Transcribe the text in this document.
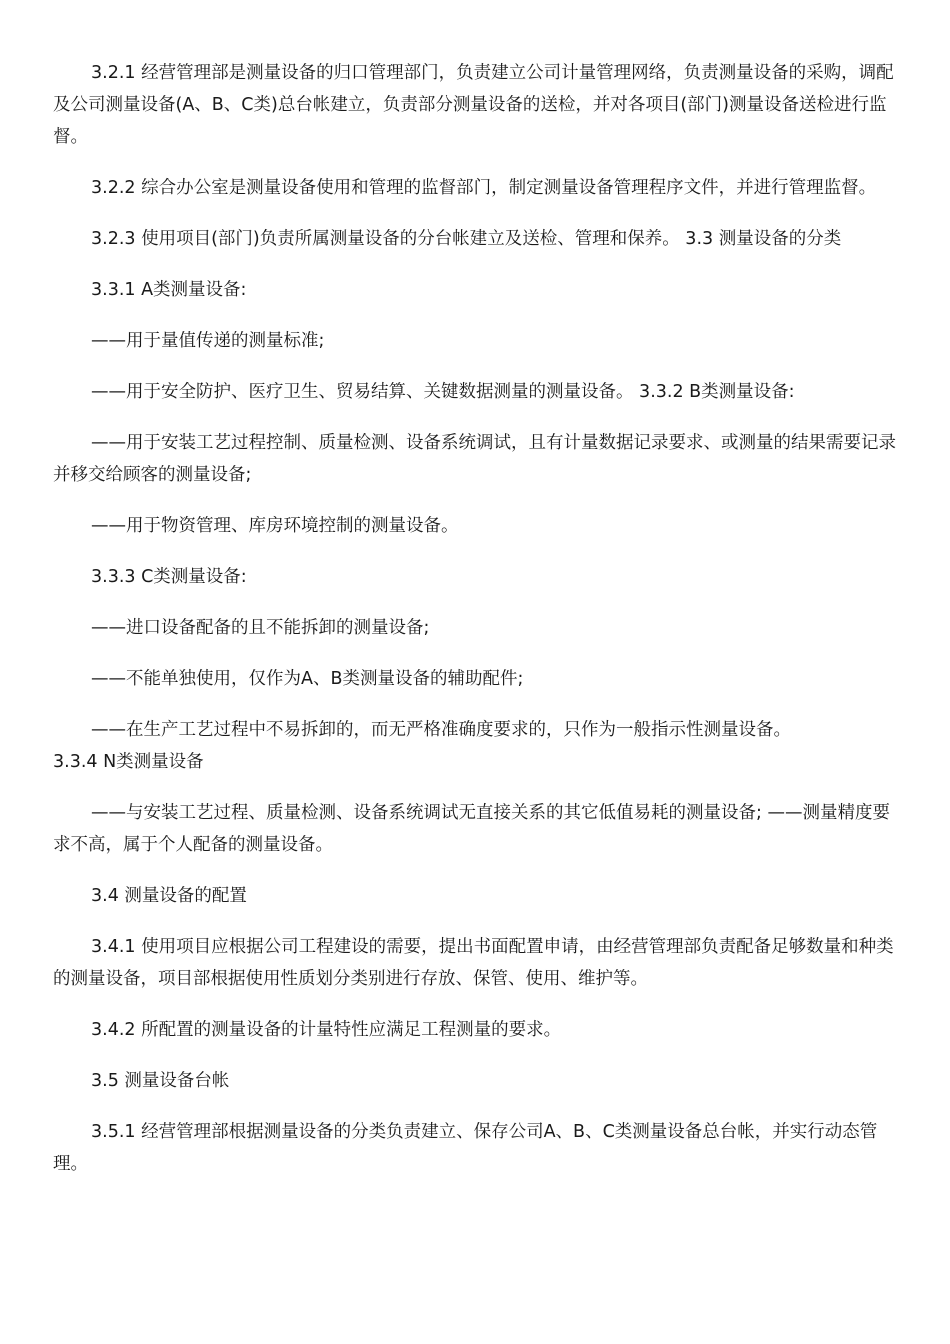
3.2.1 经营管理部是测量设备的归口管理部门，负责建立公司计量管理网络，负责测量设备的采购，调配及公司测量设备(A、B、C类)总台帐建立，负责部分测量设备的送检，并对各项目(部门)测量设备送检进行监督。

3.2.2 综合办公室是测量设备使用和管理的监督部门，制定测量设备管理程序文件，并进行管理监督。

3.2.3 使用项目(部门)负责所属测量设备的分台帐建立及送检、管理和保养。 3.3 测量设备的分类

3.3.1 A类测量设备:

——用于量值传递的测量标准;

——用于安全防护、医疗卫生、贸易结算、关键数据测量的测量设备。 3.3.2 B类测量设备:

——用于安装工艺过程控制、质量检测、设备系统调试，且有计量数据记录要求、或测量的结果需要记录并移交给顾客的测量设备;

——用于物资管理、库房环境控制的测量设备。

3.3.3 C类测量设备:

——进口设备配备的且不能拆卸的测量设备;

——不能单独使用，仅作为A、B类测量设备的辅助配件;

——在生产工艺过程中不易拆卸的，而无严格准确度要求的，只作为一般指示性测量设备。

3.3.4 N类测量设备

——与安装工艺过程、质量检测、设备系统调试无直接关系的其它低值易耗的测量设备; ——测量精度要求不高，属于个人配备的测量设备。

3.4 测量设备的配置

3.4.1 使用项目应根据公司工程建设的需要，提出书面配置申请，由经营管理部负责配备足够数量和种类的测量设备，项目部根据使用性质划分类别进行存放、保管、使用、维护等。

3.4.2 所配置的测量设备的计量特性应满足工程测量的要求。

3.5 测量设备台帐

3.5.1 经营管理部根据测量设备的分类负责建立、保存公司A、B、C类测量设备总台帐，并实行动态管理。
